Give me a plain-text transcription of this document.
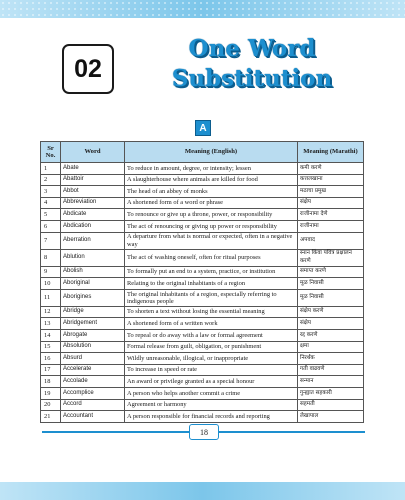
02
One Word
Substitution
A
Sr No.	Word	Meaning (English)	Meaning (Marathi)
1	Abate	To reduce in amount, degree, or intensity; lessen	कमी करणे
2	Abattoir	A slaughterhouse where animals are killed for food	कत्तलखाना
3	Abbot	The head of an abbey of monks	मठाचा प्रमुख
4	Abbreviation	A shortened form of a word or phrase	संक्षेप
5	Abdicate	To renounce or give up a throne, power, or responsibility	राजीनामा देणे
6	Abdication	The act of renouncing or giving up power or responsibility	राजीनामा
7	Aberration	A departure from what is normal or expected, often in a negative way	अपवाद
8	Ablution	The act of washing oneself, often for ritual purposes	स्नान किंवा पवित्र प्रक्षालन करणे
9	Abolish	To formally put an end to a system, practice, or institution	समाप्त करणे
10	Aboriginal	Relating to the original inhabitants of a region	मूळ निवासी
11	Aborigines	The original inhabitants of a region, especially referring to indigenous people	मूळ निवासी
12	Abridge	To shorten a text without losing the essential meaning	संक्षेप करणे
13	Abridgement	A shortened form of a written work	संक्षेप
14	Abrogate	To repeal or do away with a law or formal agreement	रद्द करणे
15	Absolution	Formal release from guilt, obligation, or punishment	क्षमा
16	Absurd	Wildly unreasonable, illogical, or inappropriate	निरर्थक
17	Accelerate	To increase in speed or rate	गती वाढवणे
18	Accolade	An award or privilege granted as a special honour	सन्मान
19	Accomplice	A person who helps another commit a crime	गुन्ह्यात सहकारी
20	Accord	Agreement or harmony	सहमती
21	Accountant	A person responsible for financial records and reporting	लेखापाल
18
